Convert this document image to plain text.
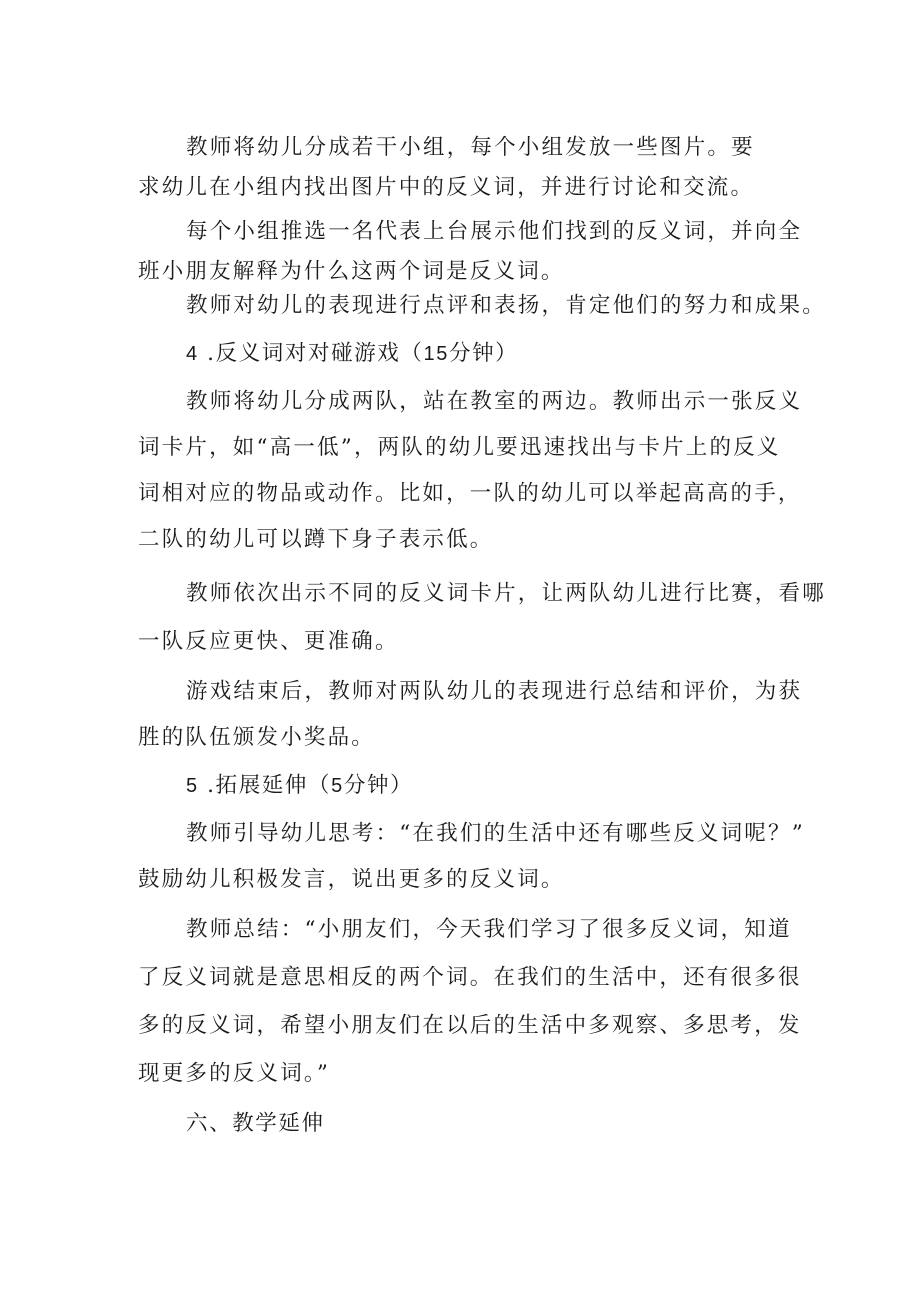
教师将幼儿分成若干小组，每个小组发放一些图片。要
求幼儿在小组内找出图片中的反义词，并进行讨论和交流。

每个小组推选一名代表上台展示他们找到的反义词，并向全
班小朋友解释为什么这两个词是反义词。

教师对幼儿的表现进行点评和表扬，肯定他们的努力和成果。

4 .反义词对对碰游戏（15分钟）

教师将幼儿分成两队，站在教室的两边。教师出示一张反义
词卡片，如“高一低”，两队的幼儿要迅速找出与卡片上的反义
词相对应的物品或动作。比如，一队的幼儿可以举起高高的手，
二队的幼儿可以蹲下身子表示低。

教师依次出示不同的反义词卡片，让两队幼儿进行比赛，看哪
一队反应更快、更准确。

游戏结束后，教师对两队幼儿的表现进行总结和评价，为获
胜的队伍颁发小奖品。

5 .拓展延伸（5分钟）

教师引导幼儿思考：“在我们的生活中还有哪些反义词呢？”
鼓励幼儿积极发言，说出更多的反义词。

教师总结：“小朋友们，今天我们学习了很多反义词，知道
了反义词就是意思相反的两个词。在我们的生活中，还有很多很
多的反义词，希望小朋友们在以后的生活中多观察、多思考，发
现更多的反义词。”

六、教学延伸
